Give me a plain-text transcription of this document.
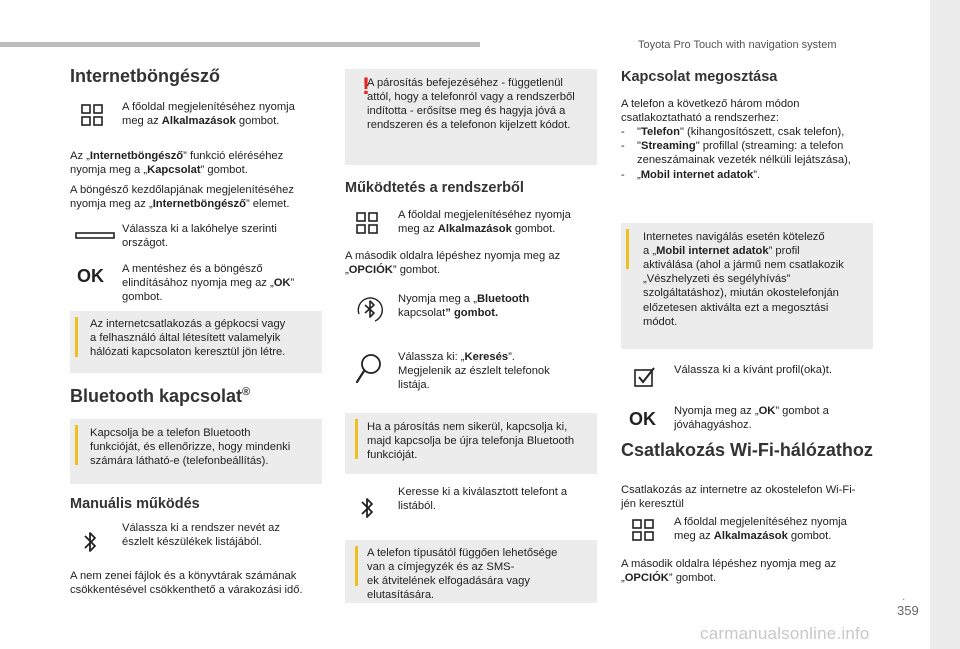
Toyota Pro Touch with navigation system
.
359
carmanualsonline.info
Internetböngésző
A főoldal megjelenítéséhez nyomja
meg az Alkalmazások gombot.
Az „Internetböngésző” funkció eléréséhez
nyomja meg a „Kapcsolat” gombot.
A böngésző kezdőlapjának megjelenítéséhez
nyomja meg az „Internetböngésző” elemet.
Válassza ki a lakóhelye szerinti
országot.
OK A mentéshez és a böngésző
elindításához nyomja meg az „OK”
gombot.
Az internetcsatlakozás a gépkocsi vagy
a felhasználó által létesített valamelyik
hálózati kapcsolaton keresztül jön létre.
Bluetooth kapcsolat®
Kapcsolja be a telefon Bluetooth
funkcióját, és ellenőrizze, hogy mindenki
számára látható-e (telefonbeállítás).
Manuális működés
Válassza ki a rendszer nevét az
észlelt készülékek listájából.
A nem zenei fájlok és a könyvtárak számának
csökkentésével csökkenthető a várakozási idő.
!
A párosítás befejezéséhez - függetlenül
attól, hogy a telefonról vagy a rendszerből
indította - erősítse meg és hagyja jóvá a
rendszeren és a telefonon kijelzett kódot.
Működtetés a rendszerből
A főoldal megjelenítéséhez nyomja
meg az Alkalmazások gombot.
A második oldalra lépéshez nyomja meg az
„OPCIÓK” gombot.
Nyomja meg a „Bluetooth
kapcsolat” gombot.
Válassza ki: „Keresés”.
Megjelenik az észlelt telefonok
listája.
Ha a párosítás nem sikerül, kapcsolja ki,
majd kapcsolja be újra telefonja Bluetooth
funkcióját.
Keresse ki a kiválasztott telefont a
listából.
A telefon típusától függően lehetősége
van a címjegyzék és az SMS-
ek átvitelének elfogadására vagy
elutasítására.
Kapcsolat megosztása
A telefon a következő három módon
csatlakoztatható a rendszerhez:
- "Telefon" (kihangosítószett, csak telefon),
- "Streaming" profillal (streaming: a telefon
zeneszámainak vezeték nélküli lejátszása),
- „Mobil internet adatok”.
Internetes navigálás esetén kötelező
a „Mobil internet adatok” profil
aktiválása (ahol a jármű nem csatlakozik
„Vészhelyzeti és segélyhívás”
szolgáltatáshoz), miután okostelefonján
előzetesen aktiválta ezt a megosztási
módot.
Válassza ki a kívánt profil(oka)t.
OK Nyomja meg az „OK” gombot a
jóváhagyáshoz.
Csatlakozás Wi-Fi-hálózathoz
Csatlakozás az internetre az okostelefon Wi-Fi-
jén keresztül
A főoldal megjelenítéséhez nyomja
meg az Alkalmazások gombot.
A második oldalra lépéshez nyomja meg az
„OPCIÓK” gombot.
